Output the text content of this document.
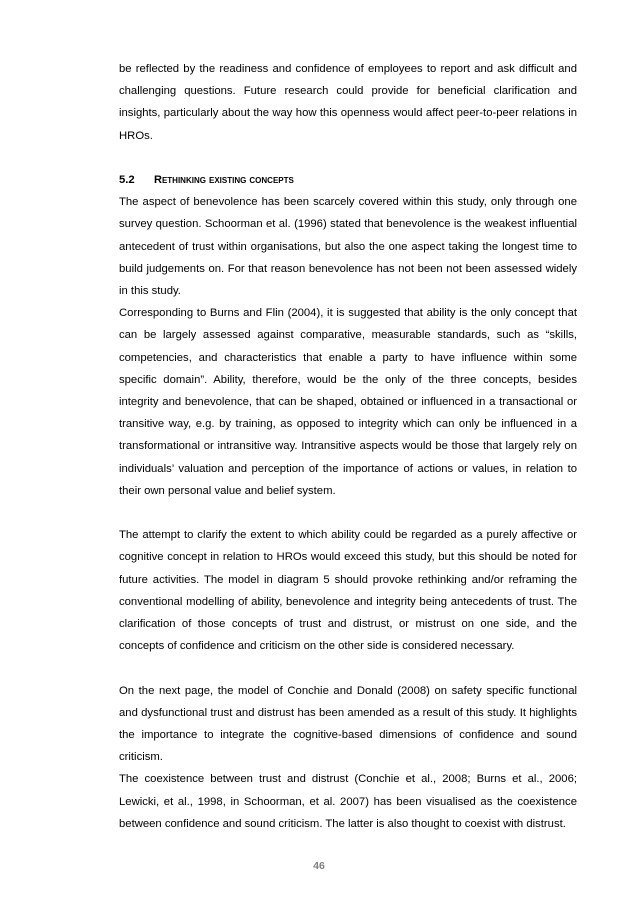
be reflected by the readiness and confidence of employees to report and ask difficult and challenging questions. Future research could provide for beneficial clarification and insights, particularly about the way how this openness would affect peer-to-peer relations in HROs.

5.2	Rethinking existing concepts

The aspect of benevolence has been scarcely covered within this study, only through one survey question. Schoorman et al. (1996) stated that benevolence is the weakest influential antecedent of trust within organisations, but also the one aspect taking the longest time to build judgements on. For that reason benevolence has not been not been assessed widely in this study.

Corresponding to Burns and Flin (2004), it is suggested that ability is the only concept that can be largely assessed against comparative, measurable standards, such as “skills, competencies, and characteristics that enable a party to have influence within some specific domain”. Ability, therefore, would be the only of the three concepts, besides integrity and benevolence, that can be shaped, obtained or influenced in a transactional or transitive way, e.g. by training, as opposed to integrity which can only be influenced in a transformational or intransitive way. Intransitive aspects would be those that largely rely on individuals’ valuation and perception of the importance of actions or values, in relation to their own personal value and belief system.

The attempt to clarify the extent to which ability could be regarded as a purely affective or cognitive concept in relation to HROs would exceed this study, but this should be noted for future activities. The model in diagram 5 should provoke rethinking and/or reframing the conventional modelling of ability, benevolence and integrity being antecedents of trust. The clarification of those concepts of trust and distrust, or mistrust on one side, and the concepts of confidence and criticism on the other side is considered necessary.

On the next page, the model of Conchie and Donald (2008) on safety specific functional and dysfunctional trust and distrust has been amended as a result of this study. It highlights the importance to integrate the cognitive-based dimensions of confidence and sound criticism.

The coexistence between trust and distrust (Conchie et al., 2008; Burns et al., 2006; Lewicki, et al., 1998, in Schoorman, et al. 2007) has been visualised as the coexistence between confidence and sound criticism. The latter is also thought to coexist with distrust.

46
